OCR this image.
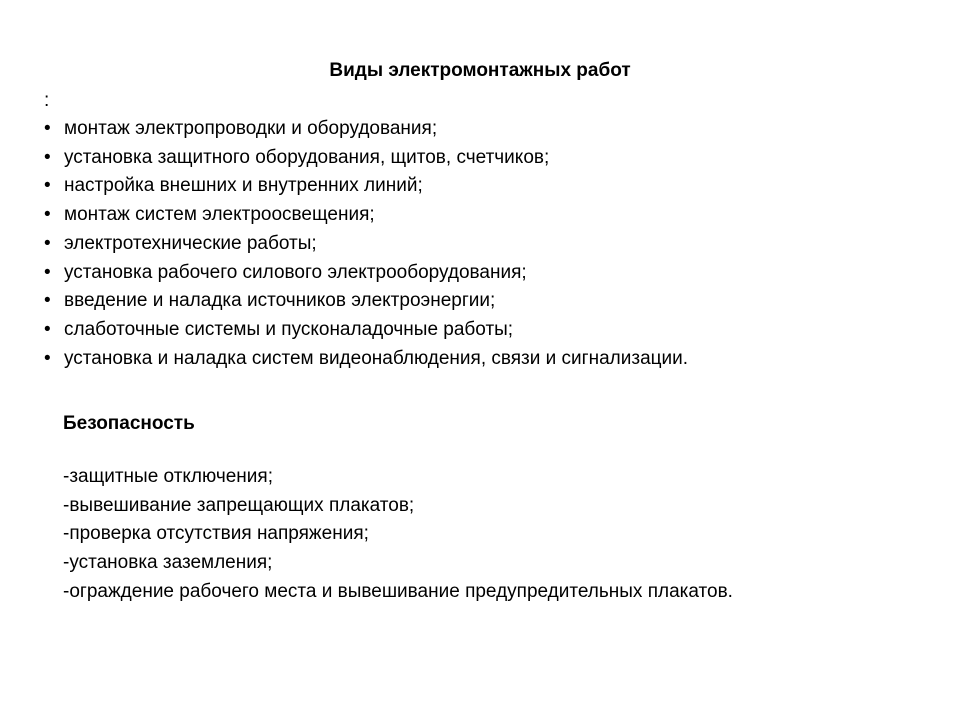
Виды электромонтажных работ
:
• монтаж электропроводки и оборудования;
• установка защитного оборудования, щитов, счетчиков;
• настройка внешних и внутренних линий;
• монтаж систем электроосвещения;
• электротехнические работы;
• установка рабочего силового электрооборудования;
• введение и наладка источников электроэнергии;
• слаботочные системы и пусконаладочные работы;
• установка и наладка систем видеонаблюдения, связи и сигнализации.
Безопасность
-защитные отключения;
-вывешивание запрещающих плакатов;
-проверка отсутствия напряжения;
-установка заземления;
-ограждение рабочего места и вывешивание предупредительных плакатов.
